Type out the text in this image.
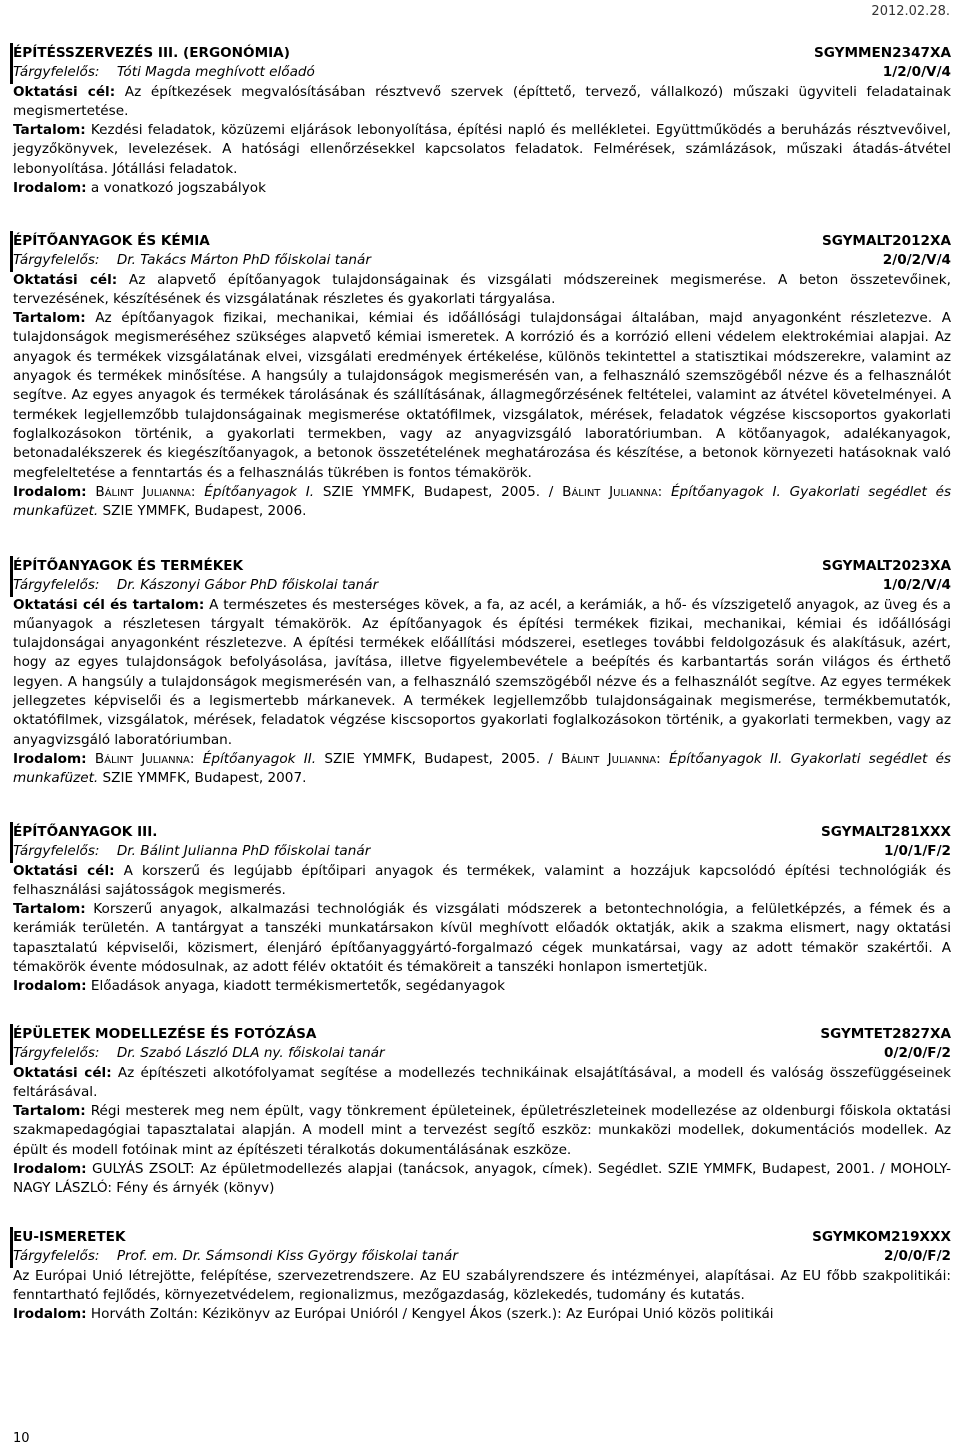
2012.02.28.
ÉPÍTÉSSZERVEZÉS III. (ERGONÓMIA)	SGYMMEN2347XA
Tárgyfelelős: Tóti Magda meghívott előadó	1/2/0/V/4

Oktatási cél: Az építkezések megvalósításában résztvevő szervek (építtető, tervező, vállalkozó) műszaki ügyviteli feladatainak megismertetése.

Tartalom: Kezdési feladatok, közüzemi eljárások lebonyolítása, építési napló és mellékletei. Együttműködés a beruházás résztvevőivel, jegyzőkönyvek, levelezések. A hatósági ellenőrzésekkel kapcsolatos feladatok. Felmérések, számlázások, műszaki átadás-átvétel lebonyolítása. Jótállási feladatok.

Irodalom: a vonatkozó jogszabályok

ÉPÍTŐANYAGOK ÉS KÉMIA	SGYMALT2012XA
Tárgyfelelős: Dr. Takács Márton PhD főiskolai tanár	2/0/2/V/4

Oktatási cél: Az alapvető építőanyagok tulajdonságainak és vizsgálati módszereinek megismerése. A beton összetevőinek, tervezésének, készítésének és vizsgálatának részletes és gyakorlati tárgyalása.

Tartalom: Az építőanyagok fizikai, mechanikai, kémiai és időállósági tulajdonságai általában, majd anyagonként részletezve. A tulajdonságok megismeréséhez szükséges alapvető kémiai ismeretek. A korrózió és a korrózió elleni védelem elektrokémiai alapjai. Az anyagok és termékek vizsgálatának elvei, vizsgálati eredmények értékelése, különös tekintettel a statisztikai módszerekre, valamint az anyagok és termékek minősítése. A hangsúly a tulajdonságok megismerésén van, a felhasználó szemszögéből nézve és a felhasználót segítve. Az egyes anyagok és termékek tárolásának és szállításának, állagmegőrzésének feltételei, valamint az átvétel követelményei. A termékek legjellemzőbb tulajdonságainak megismerése oktatófilmek, vizsgálatok, mérések, feladatok végzése kiscsoportos gyakorlati foglalkozásokon történik, a gyakorlati termekben, vagy az anyagvizsgáló laboratóriumban. A kötőanyagok, adalékanyagok, betonadalékszerek és kiegészítőanyagok, a betonok összetételének meghatározása és készítése, a betonok környezeti hatásoknak való megfeleltetése a fenntartás és a felhasználás tükrében is fontos témakörök.

Irodalom: Bálint Julianna: Építőanyagok I. SZIE YMMFK, Budapest, 2005. / Bálint Julianna: Építőanyagok I. Gyakorlati segédlet és munkafüzet. SZIE YMMFK, Budapest, 2006.

ÉPÍTŐANYAGOK ÉS TERMÉKEK	SGYMALT2023XA
Tárgyfelelős: Dr. Kászonyi Gábor PhD főiskolai tanár	1/0/2/V/4

Oktatási cél és tartalom: A természetes és mesterséges kövek, a fa, az acél, a kerámiák, a hő- és vízszigetelő anyagok, az üveg és a műanyagok a részletesen tárgyalt témakörök. Az építőanyagok és építési termékek fizikai, mechanikai, kémiai és időállósági tulajdonságai anyagonként részletezve. A építési termékek előállítási módszerei, esetleges további feldolgozásuk és alakításuk, azért, hogy az egyes tulajdonságok befolyásolása, javítása, illetve figyelembevétele a beépítés és karbantartás során világos és érthető legyen. A hangsúly a tulajdonságok megismerésén van, a felhasználó szemszögéből nézve és a felhasználót segítve. Az egyes termékek jellegzetes képviselői és a legismertebb márkanevek. A termékek legjellemzőbb tulajdonságainak megismerése, termékbemutatók, oktatófilmek, vizsgálatok, mérések, feladatok végzése kiscsoportos gyakorlati foglalkozásokon történik, a gyakorlati termekben, vagy az anyagvizsgáló laboratóriumban.

Irodalom: Bálint Julianna: Építőanyagok II. SZIE YMMFK, Budapest, 2005. / Bálint Julianna: Építőanyagok II. Gyakorlati segédlet és munkafüzet. SZIE YMMFK, Budapest, 2007.

ÉPÍTŐANYAGOK III.	SGYMALT281XXX
Tárgyfelelős: Dr. Bálint Julianna PhD főiskolai tanár	1/0/1/F/2

Oktatási cél: A korszerű és legújabb építőipari anyagok és termékek, valamint a hozzájuk kapcsolódó építési technológiák és felhasználási sajátosságok megismerés.

Tartalom: Korszerű anyagok, alkalmazási technológiák és vizsgálati módszerek a betontechnológia, a felületképzés, a fémek és a kerámiák területén. A tantárgyat a tanszéki munkatársakon kívül meghívott előadók oktatják, akik a szakma elismert, nagy oktatási tapasztalatú képviselői, közismert, élenjáró építőanyaggyártó-forgalmazó cégek munkatársai, vagy az adott témakör szakértői. A témakörök évente módosulnak, az adott félév oktatóit és témaköreit a tanszéki honlapon ismertetjük.

Irodalom: Előadások anyaga, kiadott termékismertetők, segédanyagok

ÉPÜLETEK MODELLEZÉSE ÉS FOTÓZÁSA	SGYMTET2827XA
Tárgyfelelős: Dr. Szabó László DLA ny. főiskolai tanár	0/2/0/F/2

Oktatási cél: Az építészeti alkotófolyamat segítése a modellezés technikáinak elsajátításával, a modell és valóság összefüggéseinek feltárásával.

Tartalom: Régi mesterek meg nem épült, vagy tönkrement épületeinek, épületrészleteinek modellezése az oldenburgi főiskola oktatási szakmapedagógiai tapasztalatai alapján. A modell mint a tervezést segítő eszköz: munkaközi modellek, dokumentációs modellek. Az épült és modell fotóinak mint az építészeti téralkotás dokumentálásának eszköze.

Irodalom: GULYÁS ZSOLT: Az épületmodellezés alapjai (tanácsok, anyagok, címek). Segédlet. SZIE YMMFK, Budapest, 2001. / MOHOLY-NAGY LÁSZLÓ: Fény és árnyék (könyv)

EU-ISMERETEK	SGYMKOM219XXX
Tárgyfelelős: Prof. em. Dr. Sámsondi Kiss György főiskolai tanár	2/0/0/F/2

Az Európai Unió létrejötte, felépítése, szervezetrendszere. Az EU szabályrendszere és intézményei, alapításai. Az EU főbb szakpolitikái: fenntartható fejlődés, környezetvédelem, regionalizmus, mezőgazdaság, közlekedés, tudomány és kutatás.

Irodalom: Horváth Zoltán: Kézikönyv az Európai Unióról / Kengyel Ákos (szerk.): Az Európai Unió közös politikái

10
